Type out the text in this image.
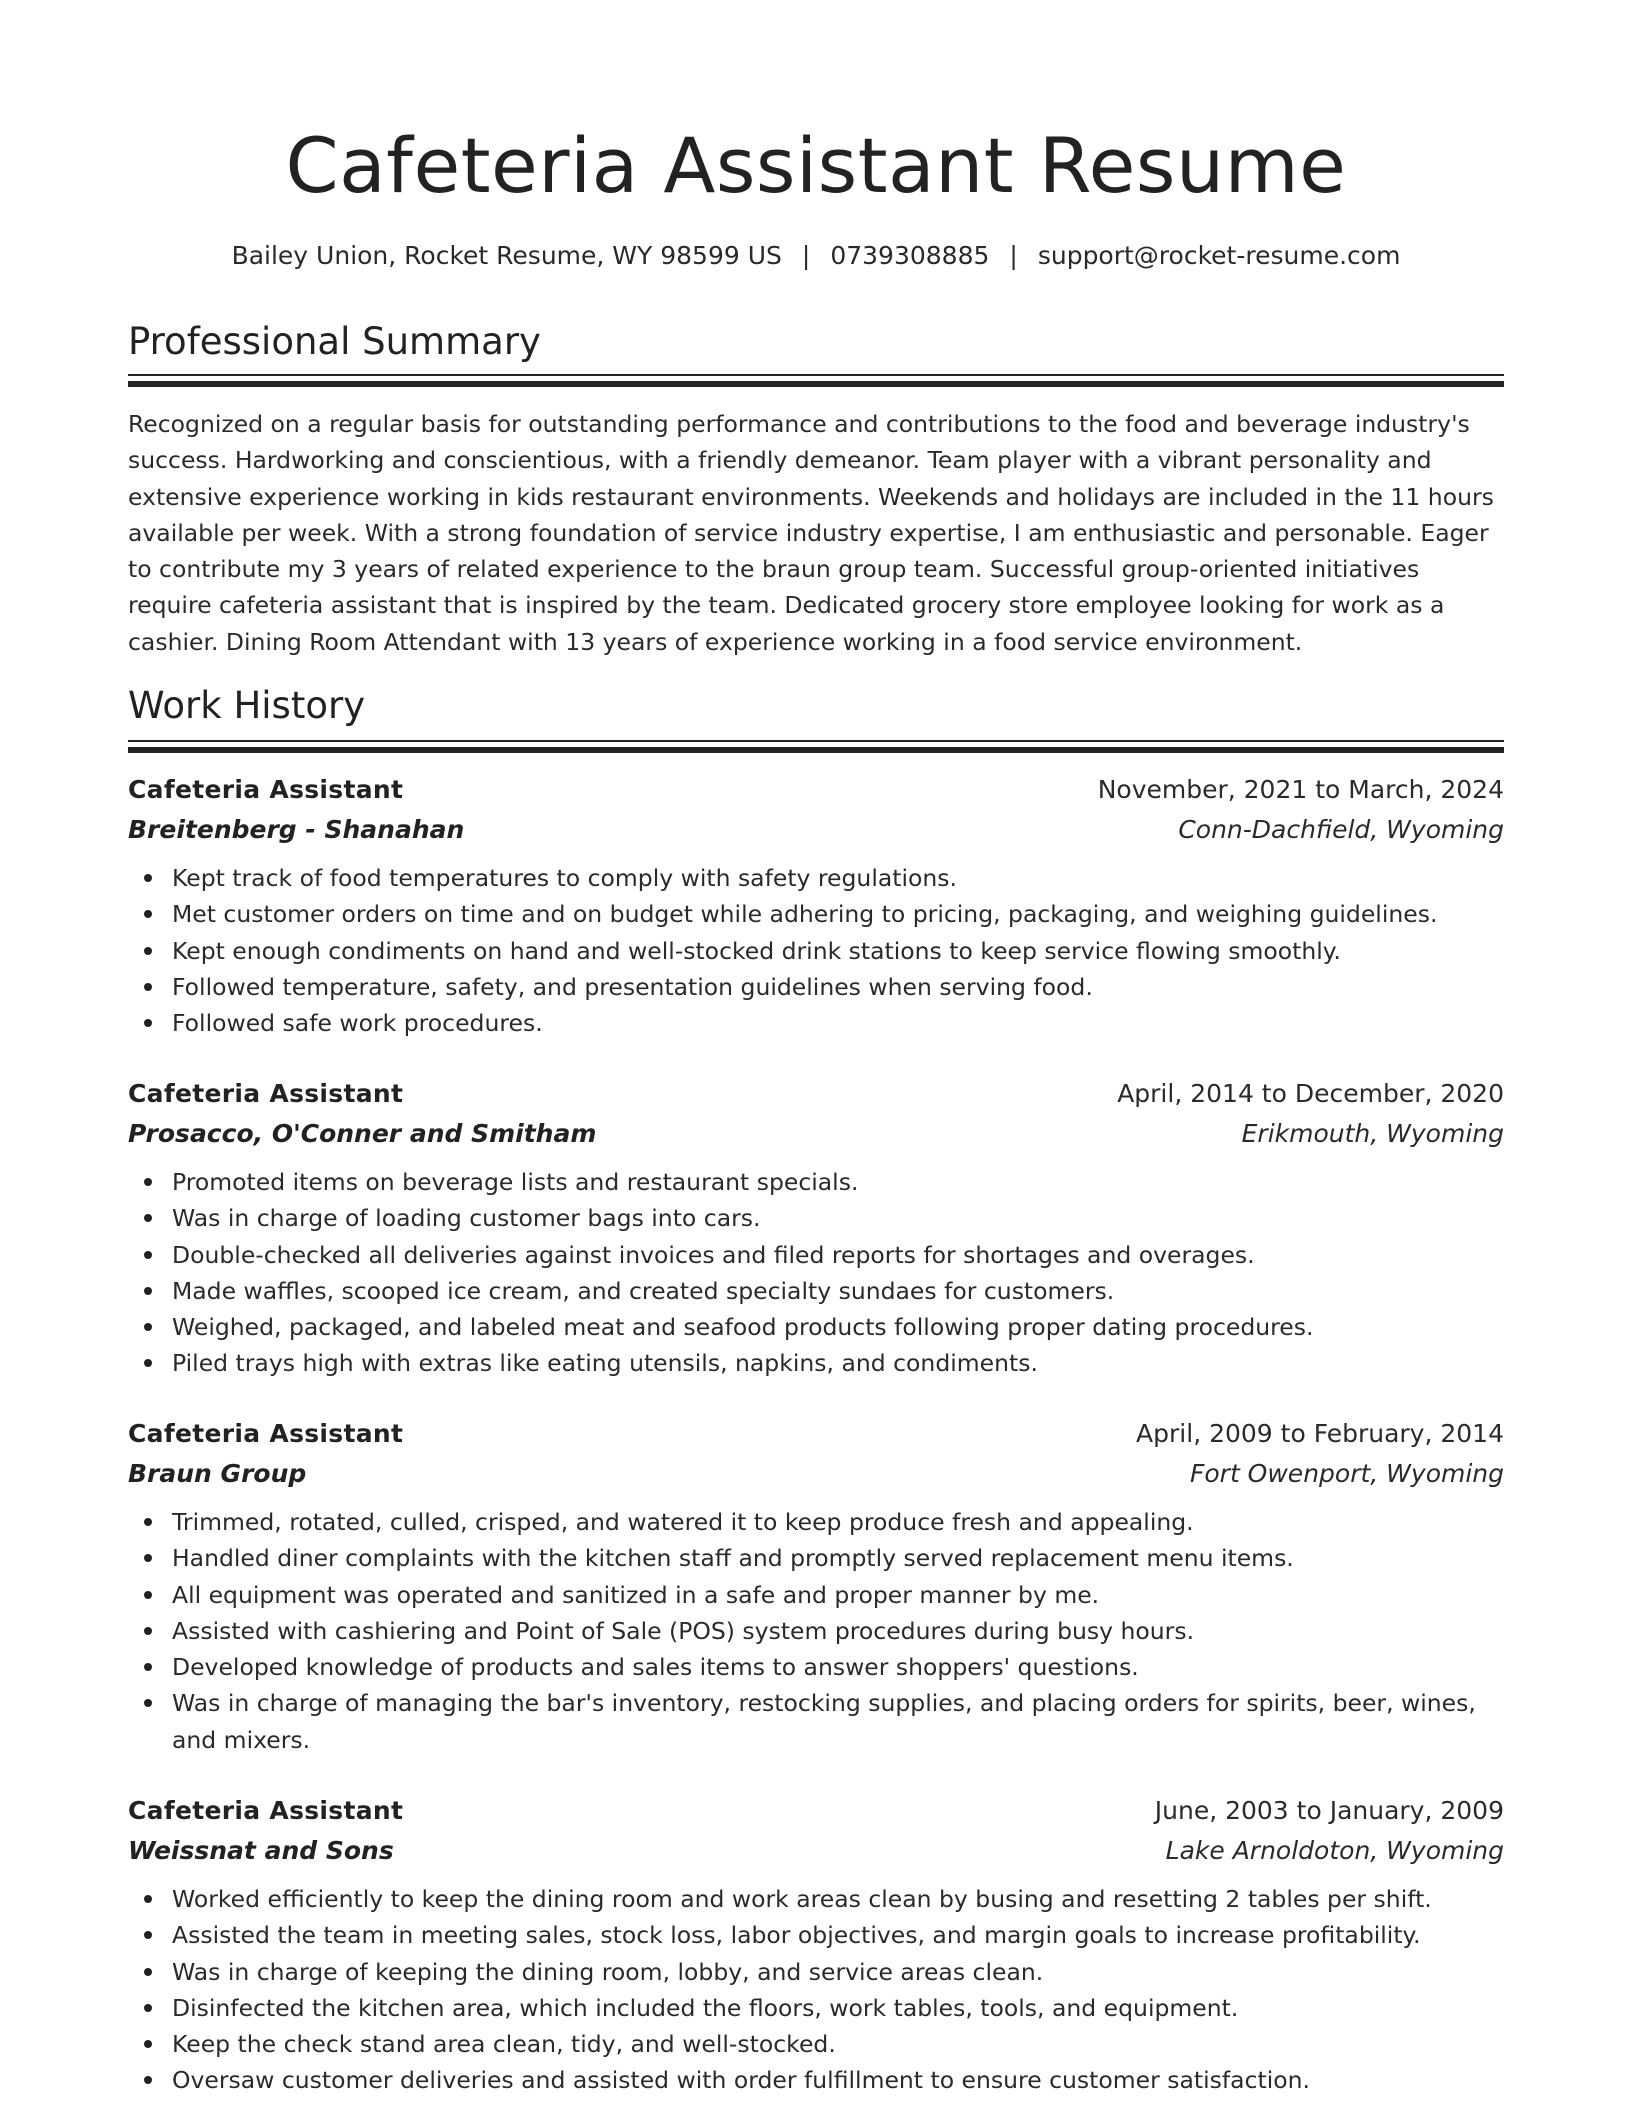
Cafeteria Assistant Resume
Bailey Union, Rocket Resume, WY 98599 US | 0739308885 | support@rocket-resume.com
Professional Summary
Recognized on a regular basis for outstanding performance and contributions to the food and beverage industry's success. Hardworking and conscientious, with a friendly demeanor. Team player with a vibrant personality and extensive experience working in kids restaurant environments. Weekends and holidays are included in the 11 hours available per week. With a strong foundation of service industry expertise, I am enthusiastic and personable. Eager to contribute my 3 years of related experience to the braun group team. Successful group-oriented initiatives require cafeteria assistant that is inspired by the team. Dedicated grocery store employee looking for work as a cashier. Dining Room Attendant with 13 years of experience working in a food service environment.
Work History
Cafeteria Assistant	November, 2021 to March, 2024
Breitenberg - Shanahan	Conn-Dachfield, Wyoming
Kept track of food temperatures to comply with safety regulations.
Met customer orders on time and on budget while adhering to pricing, packaging, and weighing guidelines.
Kept enough condiments on hand and well-stocked drink stations to keep service flowing smoothly.
Followed temperature, safety, and presentation guidelines when serving food.
Followed safe work procedures.
Cafeteria Assistant	April, 2014 to December, 2020
Prosacco, O'Conner and Smitham	Erikmouth, Wyoming
Promoted items on beverage lists and restaurant specials.
Was in charge of loading customer bags into cars.
Double-checked all deliveries against invoices and filed reports for shortages and overages.
Made waffles, scooped ice cream, and created specialty sundaes for customers.
Weighed, packaged, and labeled meat and seafood products following proper dating procedures.
Piled trays high with extras like eating utensils, napkins, and condiments.
Cafeteria Assistant	April, 2009 to February, 2014
Braun Group	Fort Owenport, Wyoming
Trimmed, rotated, culled, crisped, and watered it to keep produce fresh and appealing.
Handled diner complaints with the kitchen staff and promptly served replacement menu items.
All equipment was operated and sanitized in a safe and proper manner by me.
Assisted with cashiering and Point of Sale (POS) system procedures during busy hours.
Developed knowledge of products and sales items to answer shoppers' questions.
Was in charge of managing the bar's inventory, restocking supplies, and placing orders for spirits, beer, wines, and mixers.
Cafeteria Assistant	June, 2003 to January, 2009
Weissnat and Sons	Lake Arnoldoton, Wyoming
Worked efficiently to keep the dining room and work areas clean by busing and resetting 2 tables per shift.
Assisted the team in meeting sales, stock loss, labor objectives, and margin goals to increase profitability.
Was in charge of keeping the dining room, lobby, and service areas clean.
Disinfected the kitchen area, which included the floors, work tables, tools, and equipment.
Keep the check stand area clean, tidy, and well-stocked.
Oversaw customer deliveries and assisted with order fulfillment to ensure customer satisfaction.
